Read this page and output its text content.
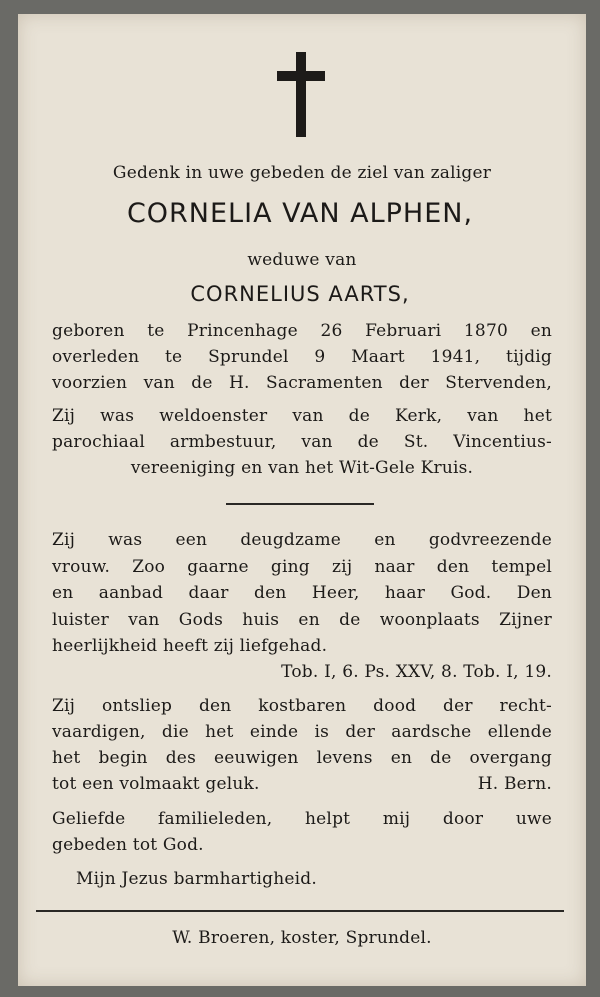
Gedenk in uwe gebeden de ziel van zaliger
CORNELIA VAN ALPHEN,
weduwe van
CORNELIUS AARTS,
geboren te Princenhage 26 Februari 1870 en
overleden te Sprundel 9 Maart 1941, tijdig
voorzien van de H. Sacramenten der Stervenden,
Zij was weldoenster van de Kerk, van het
parochiaal armbestuur, van de St. Vincentius-
vereeniging en van het Wit-Gele Kruis.
Zij was een deugdzame en godvreezende
vrouw. Zoo gaarne ging zij naar den tempel
en aanbad daar den Heer, haar God. Den
luister van Gods huis en de woonplaats Zijner
heerlijkheid heeft zij liefgehad.
Tob. I, 6. Ps. XXV, 8. Tob. I, 19.
Zij ontsliep den kostbaren dood der recht-
vaardigen, die het einde is der aardsche ellende
het begin des eeuwigen levens en de overgang
tot een volmaakt geluk.	H. Bern.
Geliefde familieleden, helpt mij door uwe
gebeden tot God.
Mijn Jezus barmhartigheid.
W. Broeren, koster, Sprundel.
